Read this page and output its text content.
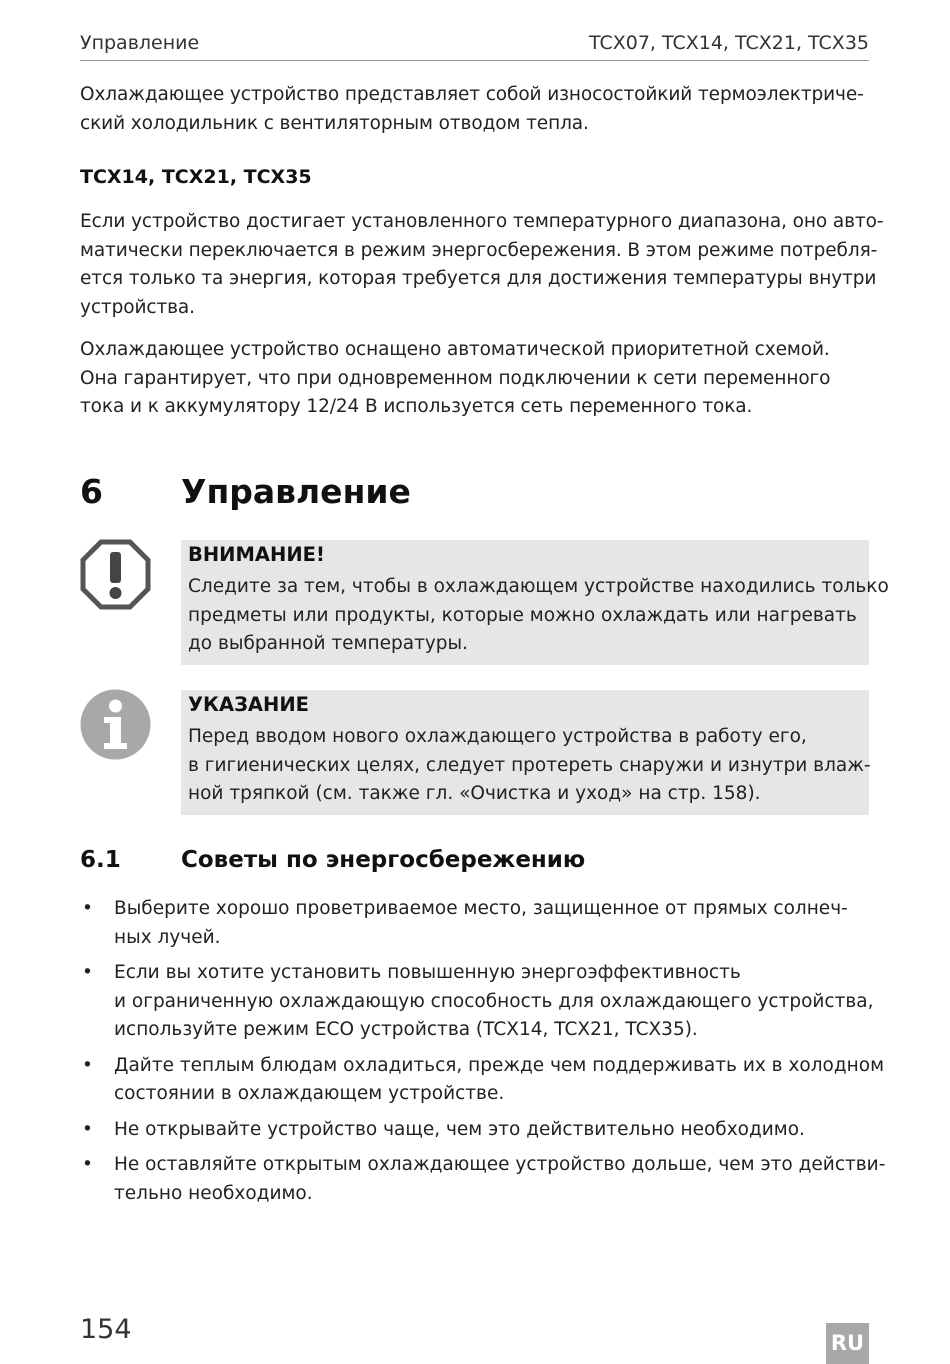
Управление	TCX07, TCX14, TCX21, TCX35

Охлаждающее устройство представляет собой износостойкий термоэлектриче-
ский холодильник с вентиляторным отводом тепла.

TCX14, TCX21, TCX35

Если устройство достигает установленного температурного диапазона, оно авто-
матически переключается в режим энергосбережения. В этом режиме потребля-
ется только та энергия, которая требуется для достижения температуры внутри
устройства.

Охлаждающее устройство оснащено автоматической приоритетной схемой.
Она гарантирует, что при одновременном подключении к сети переменного
тока и к аккумулятору 12/24 В используется сеть переменного тока.

6 Управление
ВНИМАНИЕ!
Следите за тем, чтобы в охлаждающем устройстве находились только
предметы или продукты, которые можно охлаждать или нагревать
до выбранной температуры.
УКАЗАНИЕ
Перед вводом нового охлаждающего устройства в работу его,
в гигиенических целях, следует протереть снаружи и изнутри влаж-
ной тряпкой (см. также гл. «Очистка и уход» на стр. 158).
6.1	Советы по энергосбережению
• Выберите хорошо проветриваемое место, защищенное от прямых солнеч-
ных лучей.
• Если вы хотите установить повышенную энергоэффективность
и ограниченную охлаждающую способность для охлаждающего устройства,
используйте режим ECO устройства (TCX14, TCX21, TCX35).
• Дайте теплым блюдам охладиться, прежде чем поддерживать их в холодном
состоянии в охлаждающем устройстве.
• Не открывайте устройство чаще, чем это действительно необходимо.
• Не оставляйте открытым охлаждающее устройство дольше, чем это действи-
тельно необходимо.
154	RU
